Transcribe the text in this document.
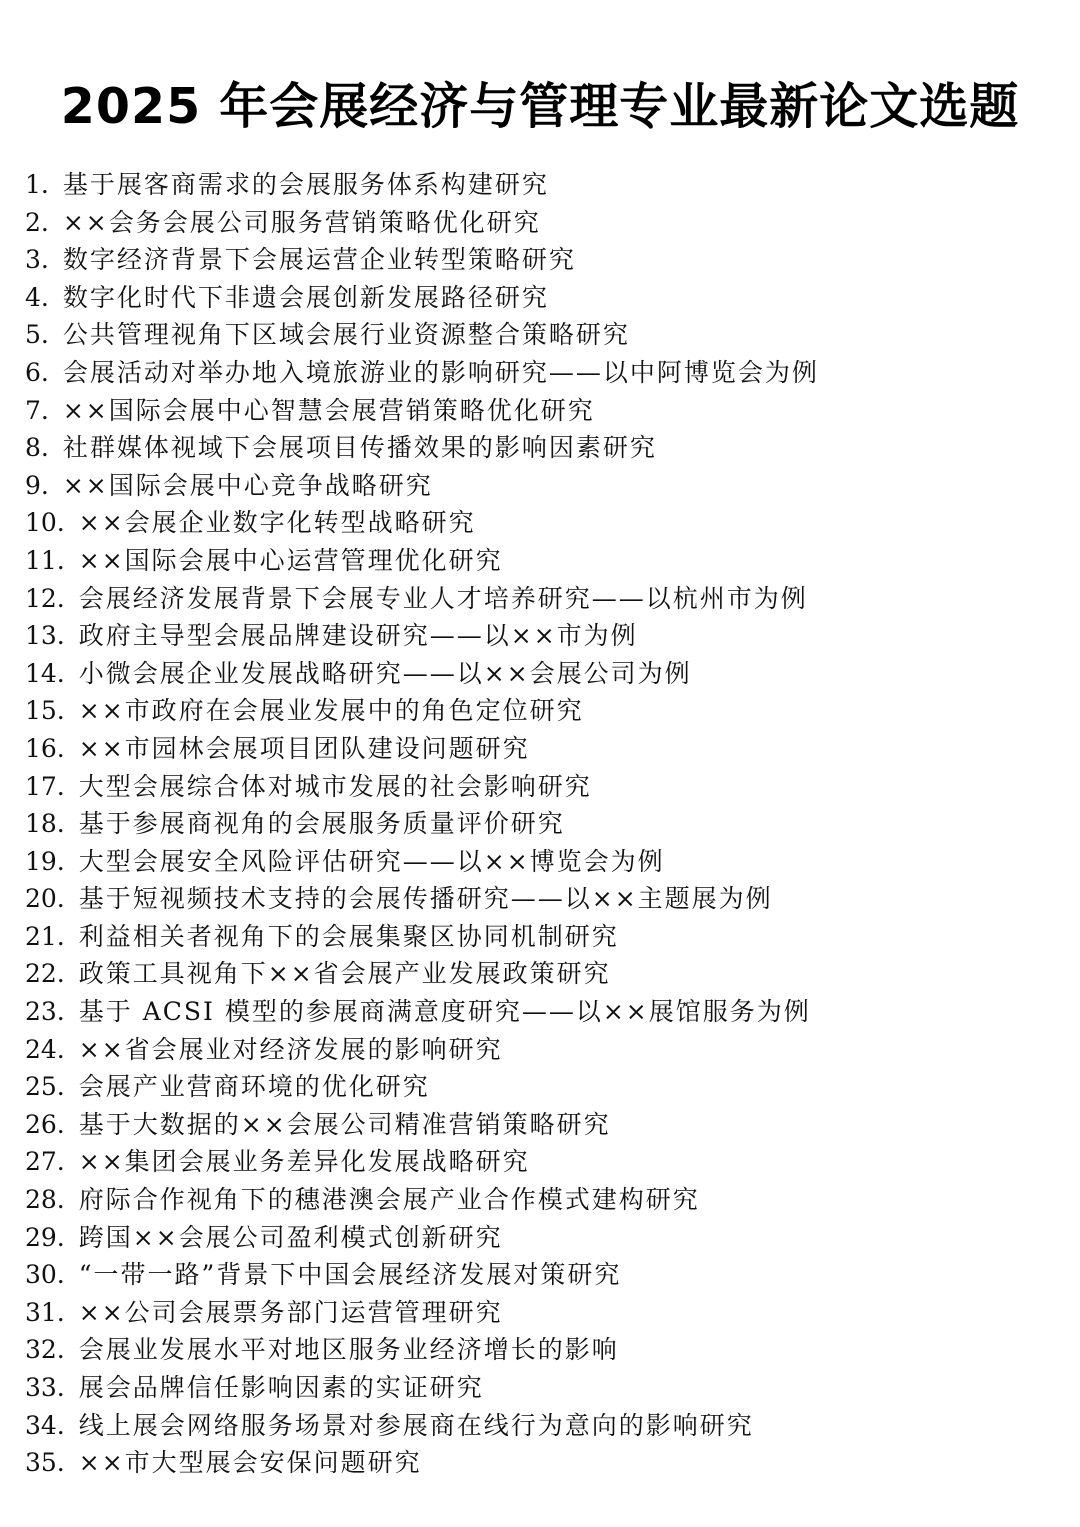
2025 年会展经济与管理专业最新论文选题
1. 基于展客商需求的会展服务体系构建研究
2. ××会务会展公司服务营销策略优化研究
3. 数字经济背景下会展运营企业转型策略研究
4. 数字化时代下非遗会展创新发展路径研究
5. 公共管理视角下区域会展行业资源整合策略研究
6. 会展活动对举办地入境旅游业的影响研究——以中阿博览会为例
7. ××国际会展中心智慧会展营销策略优化研究
8. 社群媒体视域下会展项目传播效果的影响因素研究
9. ××国际会展中心竞争战略研究
10. ××会展企业数字化转型战略研究
11. ××国际会展中心运营管理优化研究
12. 会展经济发展背景下会展专业人才培养研究——以杭州市为例
13. 政府主导型会展品牌建设研究——以××市为例
14. 小微会展企业发展战略研究——以××会展公司为例
15. ××市政府在会展业发展中的角色定位研究
16. ××市园林会展项目团队建设问题研究
17. 大型会展综合体对城市发展的社会影响研究
18. 基于参展商视角的会展服务质量评价研究
19. 大型会展安全风险评估研究——以××博览会为例
20. 基于短视频技术支持的会展传播研究——以××主题展为例
21. 利益相关者视角下的会展集聚区协同机制研究
22. 政策工具视角下××省会展产业发展政策研究
23. 基于 ACSI 模型的参展商满意度研究——以××展馆服务为例
24. ××省会展业对经济发展的影响研究
25. 会展产业营商环境的优化研究
26. 基于大数据的××会展公司精准营销策略研究
27. ××集团会展业务差异化发展战略研究
28. 府际合作视角下的穗港澳会展产业合作模式建构研究
29. 跨国××会展公司盈利模式创新研究
30. “一带一路”背景下中国会展经济发展对策研究
31. ××公司会展票务部门运营管理研究
32. 会展业发展水平对地区服务业经济增长的影响
33. 展会品牌信任影响因素的实证研究
34. 线上展会网络服务场景对参展商在线行为意向的影响研究
35. ××市大型展会安保问题研究
